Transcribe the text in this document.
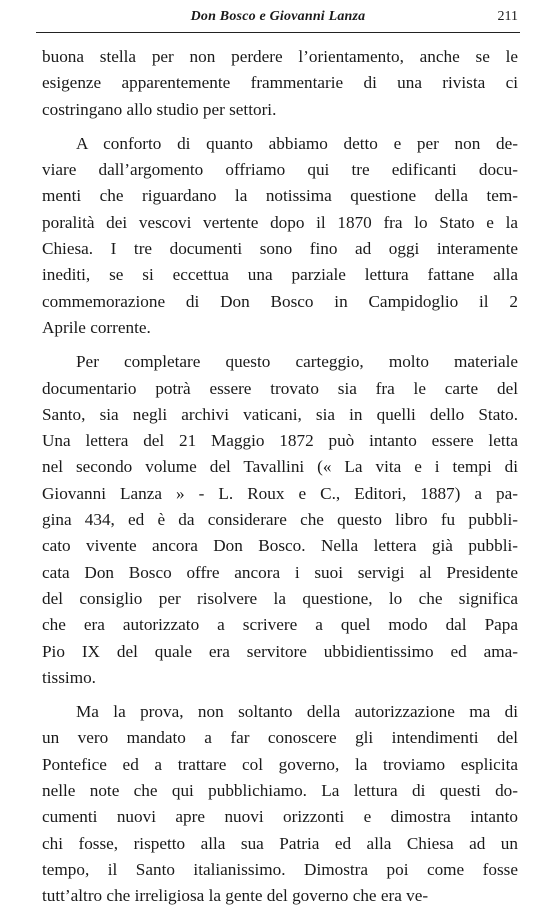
Don Bosco e Giovanni Lanza	211
buona stella per non perdere l’orientamento, anche se le
esigenze apparentemente frammentarie di una rivista ci
costringano allo studio per settori.
A conforto di quanto abbiamo detto e per non de-
viare dall’argomento offriamo qui tre edificanti docu-
menti che riguardano la notissima questione della tem-
poralità dei vescovi vertente dopo il 1870 fra lo Stato e la
Chiesa. I tre documenti sono fino ad oggi interamente
inediti, se si eccettua una parziale lettura fattane alla
commemorazione di Don Bosco in Campidoglio il 2
Aprile corrente.
Per completare questo carteggio, molto materiale
documentario potrà essere trovato sia fra le carte del
Santo, sia negli archivi vaticani, sia in quelli dello Stato.
Una lettera del 21 Maggio 1872 può intanto essere letta
nel secondo volume del Tavallini (« La vita e i tempi di
Giovanni Lanza » - L. Roux e C., Editori, 1887) a pa-
gina 434, ed è da considerare che questo libro fu pubbli-
cato vivente ancora Don Bosco. Nella lettera già pubbli-
cata Don Bosco offre ancora i suoi servigi al Presidente
del consiglio per risolvere la questione, lo che significa
che era autorizzato a scrivere a quel modo dal Papa
Pio IX del quale era servitore ubbidientissimo ed ama-
tissimo.
Ma la prova, non soltanto della autorizzazione ma di
un vero mandato a far conoscere gli intendimenti del
Pontefice ed a trattare col governo, la troviamo esplicita
nelle note che qui pubblichiamo. La lettura di questi do-
cumenti nuovi apre nuovi orizzonti e dimostra intanto
chi fosse, rispetto alla sua Patria ed alla Chiesa ad un
tempo, il Santo italianissimo. Dimostra poi come fosse
tutt’altro che irreligiosa la gente del governo che era ve-
